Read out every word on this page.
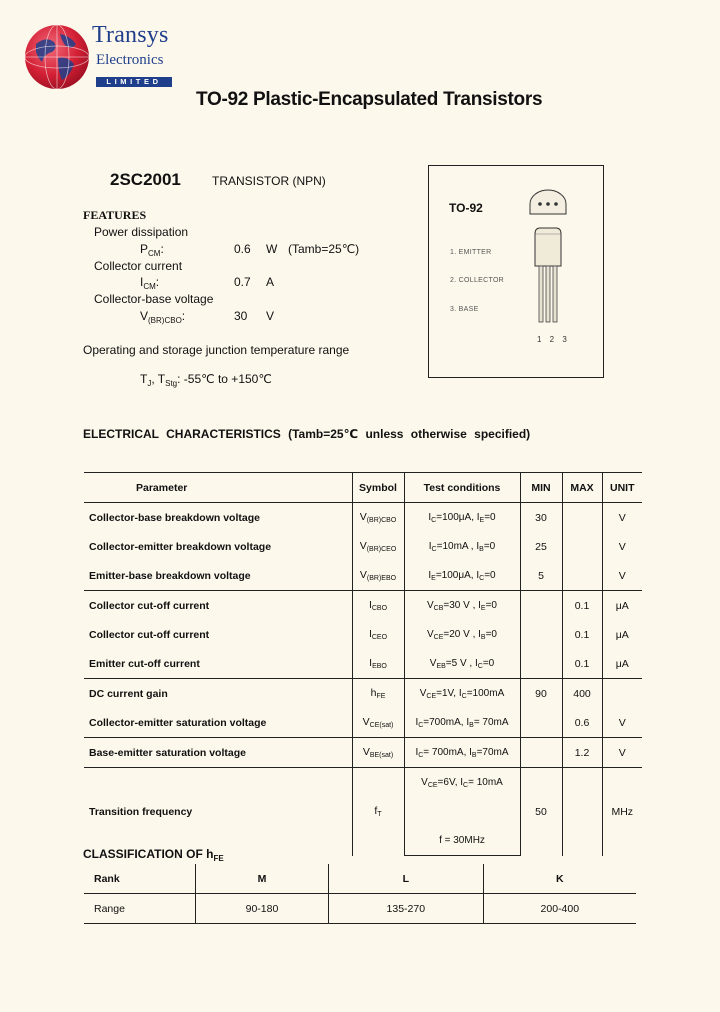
Transys
Electronics
LIMITED
TO-92 Plastic-Encapsulated Transistors
2SC2001	TRANSISTOR (NPN)
FEATURES
Power dissipation
$P_{CM}$:	0.6 W (Tamb=25℃)
Collector current
$I_{CM}$:	0.7 A
Collector-base voltage
$V_{(BR)CBO}$:	30 V
TO-92
1. EMITTER
2. COLLECTOR
3. BASE
1 2 3
Operating and storage junction temperature range
$T_J$, $T_{Stg}$: -55℃ to +150℃
ELECTRICAL CHARACTERISTICS (Tamb=25℃ unless otherwise specified)
Parameter	Symbol	Test conditions	MIN	MAX	UNIT
Collector-base breakdown voltage	V(BR)CBO	$I_C=100\mu A$, $I_E=0$	30		V
Collector-emitter breakdown voltage	V(BR)CEO	$I_C=10mA$ , $I_B=0$	25		V
Emitter-base breakdown voltage	V(BR)EBO	$I_E=100\mu A$, $I_C=0$	5		V
Collector cut-off current	ICBO	$V_{CB}=30$ V , $I_E=0$		0.1	μA
Collector cut-off current	ICEO	$V_{CE}=20$ V , $I_B=0$		0.1	μA
Emitter cut-off current	IEBO	$V_{EB}=5$ V , $I_C=0$		0.1	μA
DC current gain	hFE	$V_{CE}=1V$, $I_C=100mA$	90	400	
Collector-emitter saturation voltage	VCE(sat)	$I_C=700mA$, $I_B= 70mA$		0.6	V
Base-emitter saturation voltage	VBE(sat)	$I_C= 700mA$, $I_B=70mA$		1.2	V
Transition frequency	fT	$V_{CE}=6V$, $I_C= 10mA$	50		MHz

		f = 30MHz			
CLASSIFICATION OF $h_{FE}$
Rank	M	L	K
Range	90-180	135-270	200-400
